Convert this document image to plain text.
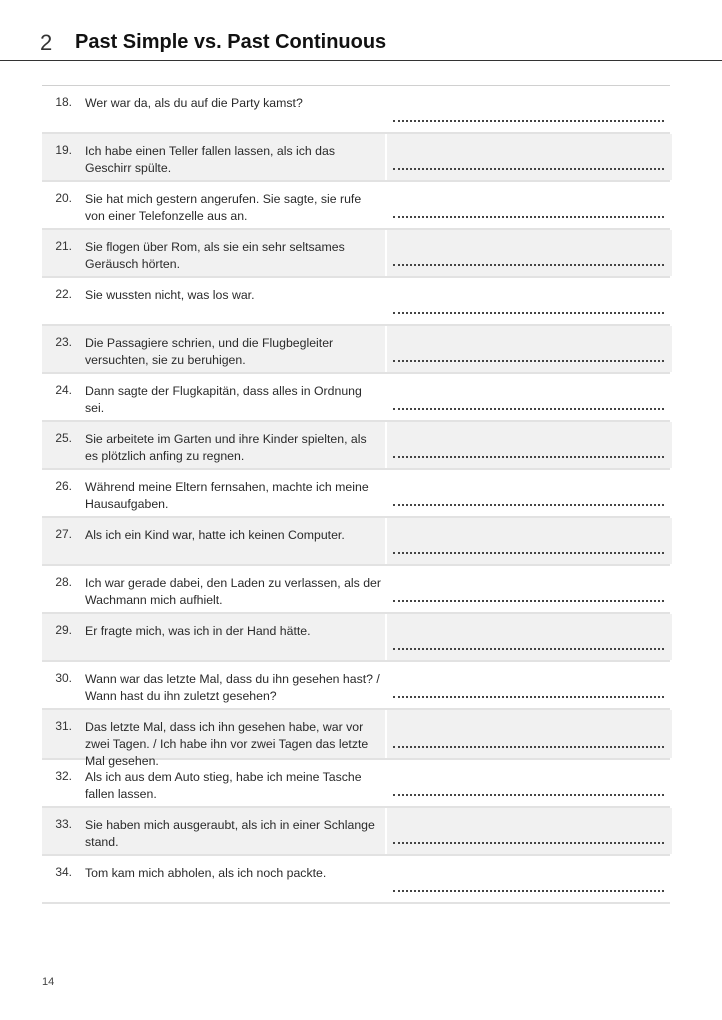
2 Past Simple vs. Past Continuous
18. Wer war da, als du auf die Party kamst?
19. Ich habe einen Teller fallen lassen, als ich das Geschirr spülte.
20. Sie hat mich gestern angerufen. Sie sagte, sie rufe von einer Telefonzelle aus an.
21. Sie flogen über Rom, als sie ein sehr seltsames Geräusch hörten.
22. Sie wussten nicht, was los war.
23. Die Passagiere schrien, und die Flugbegleiter versuchten, sie zu beruhigen.
24. Dann sagte der Flugkapitän, dass alles in Ordnung sei.
25. Sie arbeitete im Garten und ihre Kinder spielten, als es plötzlich anfing zu regnen.
26. Während meine Eltern fernsahen, machte ich meine Hausaufgaben.
27. Als ich ein Kind war, hatte ich keinen Computer.
28. Ich war gerade dabei, den Laden zu verlassen, als der Wachmann mich aufhielt.
29. Er fragte mich, was ich in der Hand hätte.
30. Wann war das letzte Mal, dass du ihn gesehen hast? / Wann hast du ihn zuletzt gesehen?
31. Das letzte Mal, dass ich ihn gesehen habe, war vor zwei Tagen. / Ich habe ihn vor zwei Tagen das letzte Mal gesehen.
32. Als ich aus dem Auto stieg, habe ich meine Tasche fallen lassen.
33. Sie haben mich ausgeraubt, als ich in einer Schlange stand.
34. Tom kam mich abholen, als ich noch packte.
14
